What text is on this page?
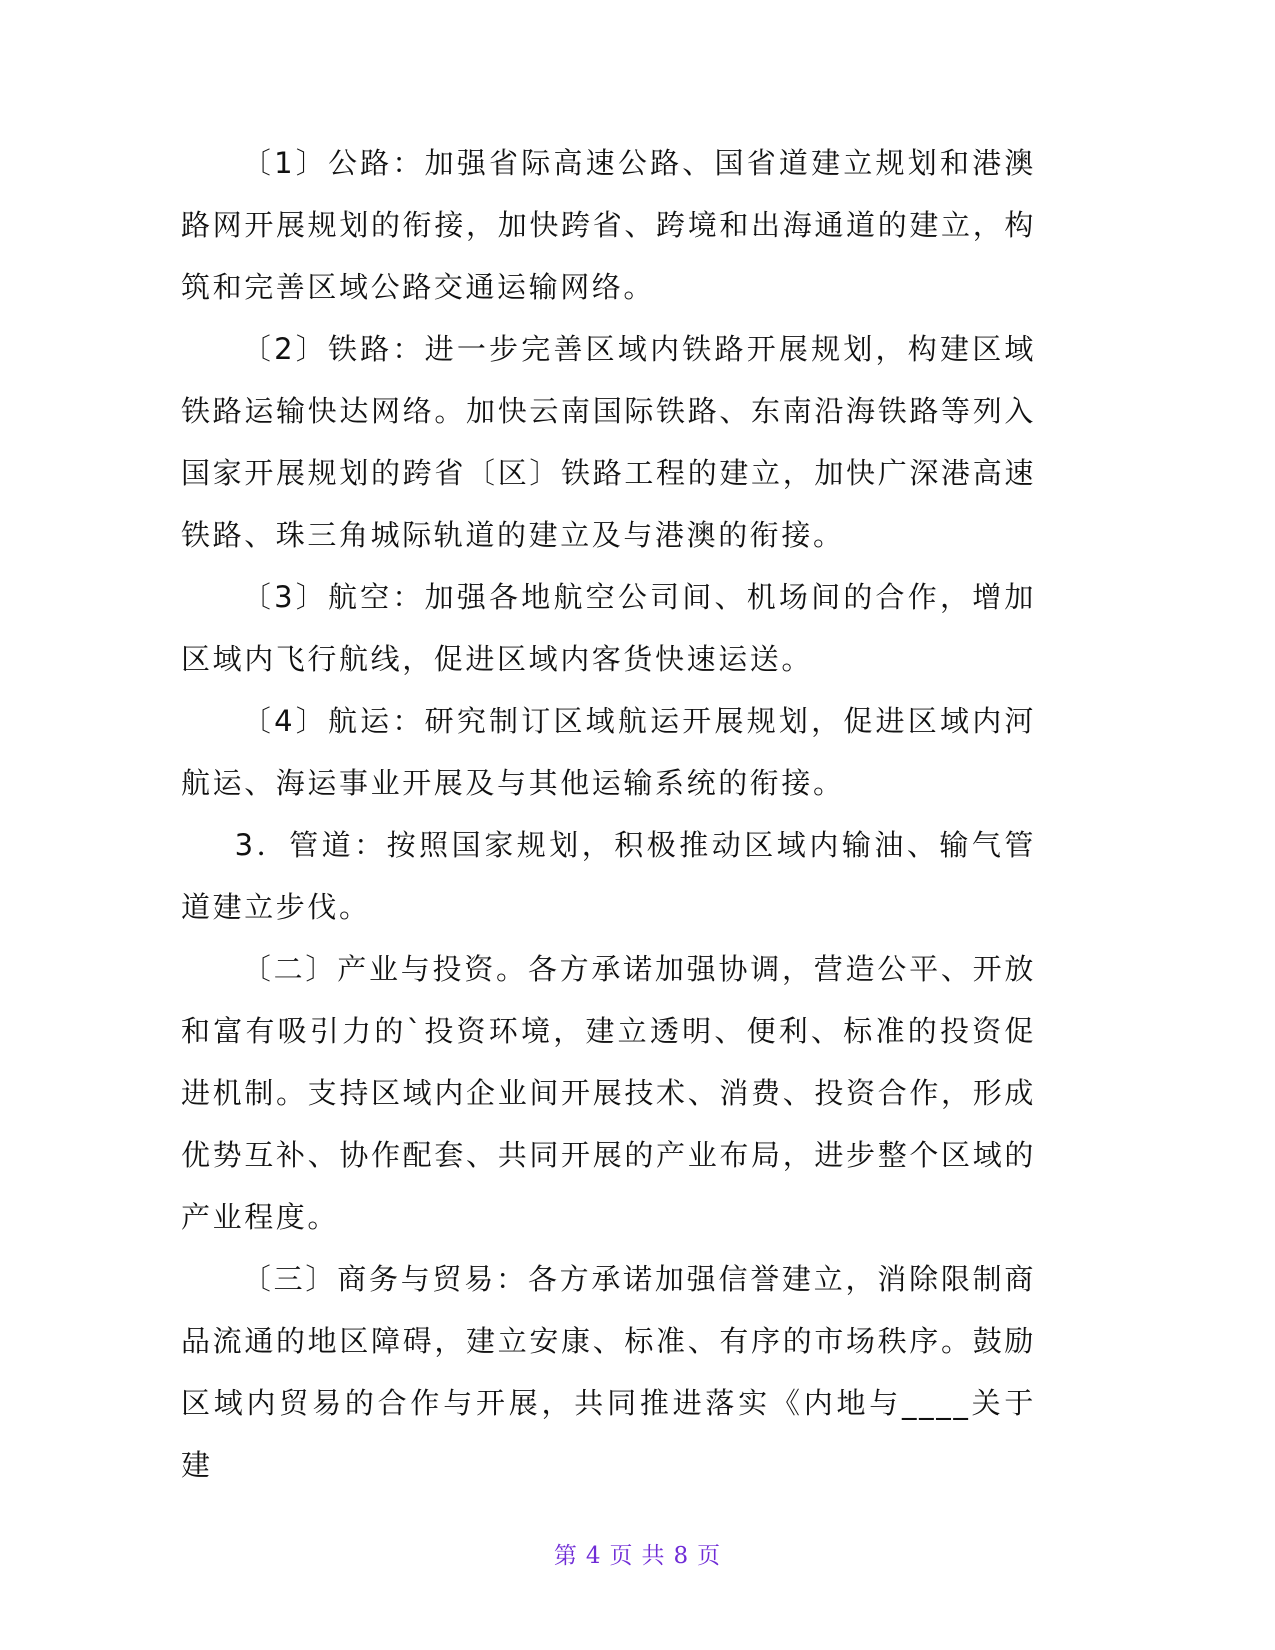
〔1〕公路：加强省际高速公路、国省道建立规划和港澳路网开展规划的衔接，加快跨省、跨境和出海通道的建立，构筑和完善区域公路交通运输网络。

〔2〕铁路：进一步完善区域内铁路开展规划，构建区域铁路运输快达网络。加快云南国际铁路、东南沿海铁路等列入国家开展规划的跨省〔区〕铁路工程的建立，加快广深港高速铁路、珠三角城际轨道的建立及与港澳的衔接。

〔3〕航空：加强各地航空公司间、机场间的合作，增加区域内飞行航线，促进区域内客货快速运送。

〔4〕航运：研究制订区域航运开展规划，促进区域内河航运、海运事业开展及与其他运输系统的衔接。

3．管道：按照国家规划，积极推动区域内输油、输气管道建立步伐。

〔二〕产业与投资。各方承诺加强协调，营造公平、开放和富有吸引力的`投资环境，建立透明、便利、标准的投资促进机制。支持区域内企业间开展技术、消费、投资合作，形成优势互补、协作配套、共同开展的产业布局，进步整个区域的产业程度。

〔三〕商务与贸易：各方承诺加强信誉建立，消除限制商品流通的地区障碍，建立安康、标准、有序的市场秩序。鼓励区域内贸易的合作与开展，共同推进落实《内地与____关于建

第 4 页 共 8 页
